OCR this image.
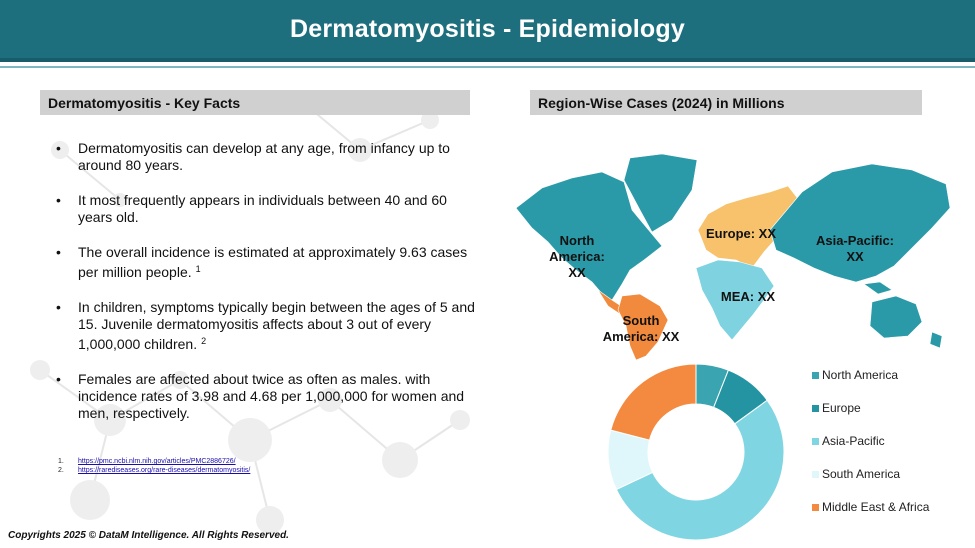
Dermatomyositis - Epidemiology
Dermatomyositis - Key Facts
• Dermatomyositis can develop at any age, from infancy up to around 80 years.
• It most frequently appears in individuals between 40 and 60 years old.
• The overall incidence is estimated at approximately 9.63 cases per million people. $^1$
• In children, symptoms typically begin between the ages of 5 and 15. Juvenile dermatomyositis affects about 3 out of every 1,000,000 children. $^2$
• Females are affected about twice as often as males. with incidence rates of 3.98 and 4.68 per 1,000,000 for women and men, respectively.
1.	https://pmc.ncbi.nlm.nih.gov/articles/PMC2886726/
2.	https://rarediseases.org/rare-diseases/dermatomyositis/
Region-Wise Cases (2024) in Millions
North America: XX
Europe: XX	Asia-Pacific: XX
MEA: XX
South America: XX
North America
Europe
Asia-Pacific
South America
Middle East & Africa
Copyrights 2025 © DataM Intelligence. All Rights Reserved.
